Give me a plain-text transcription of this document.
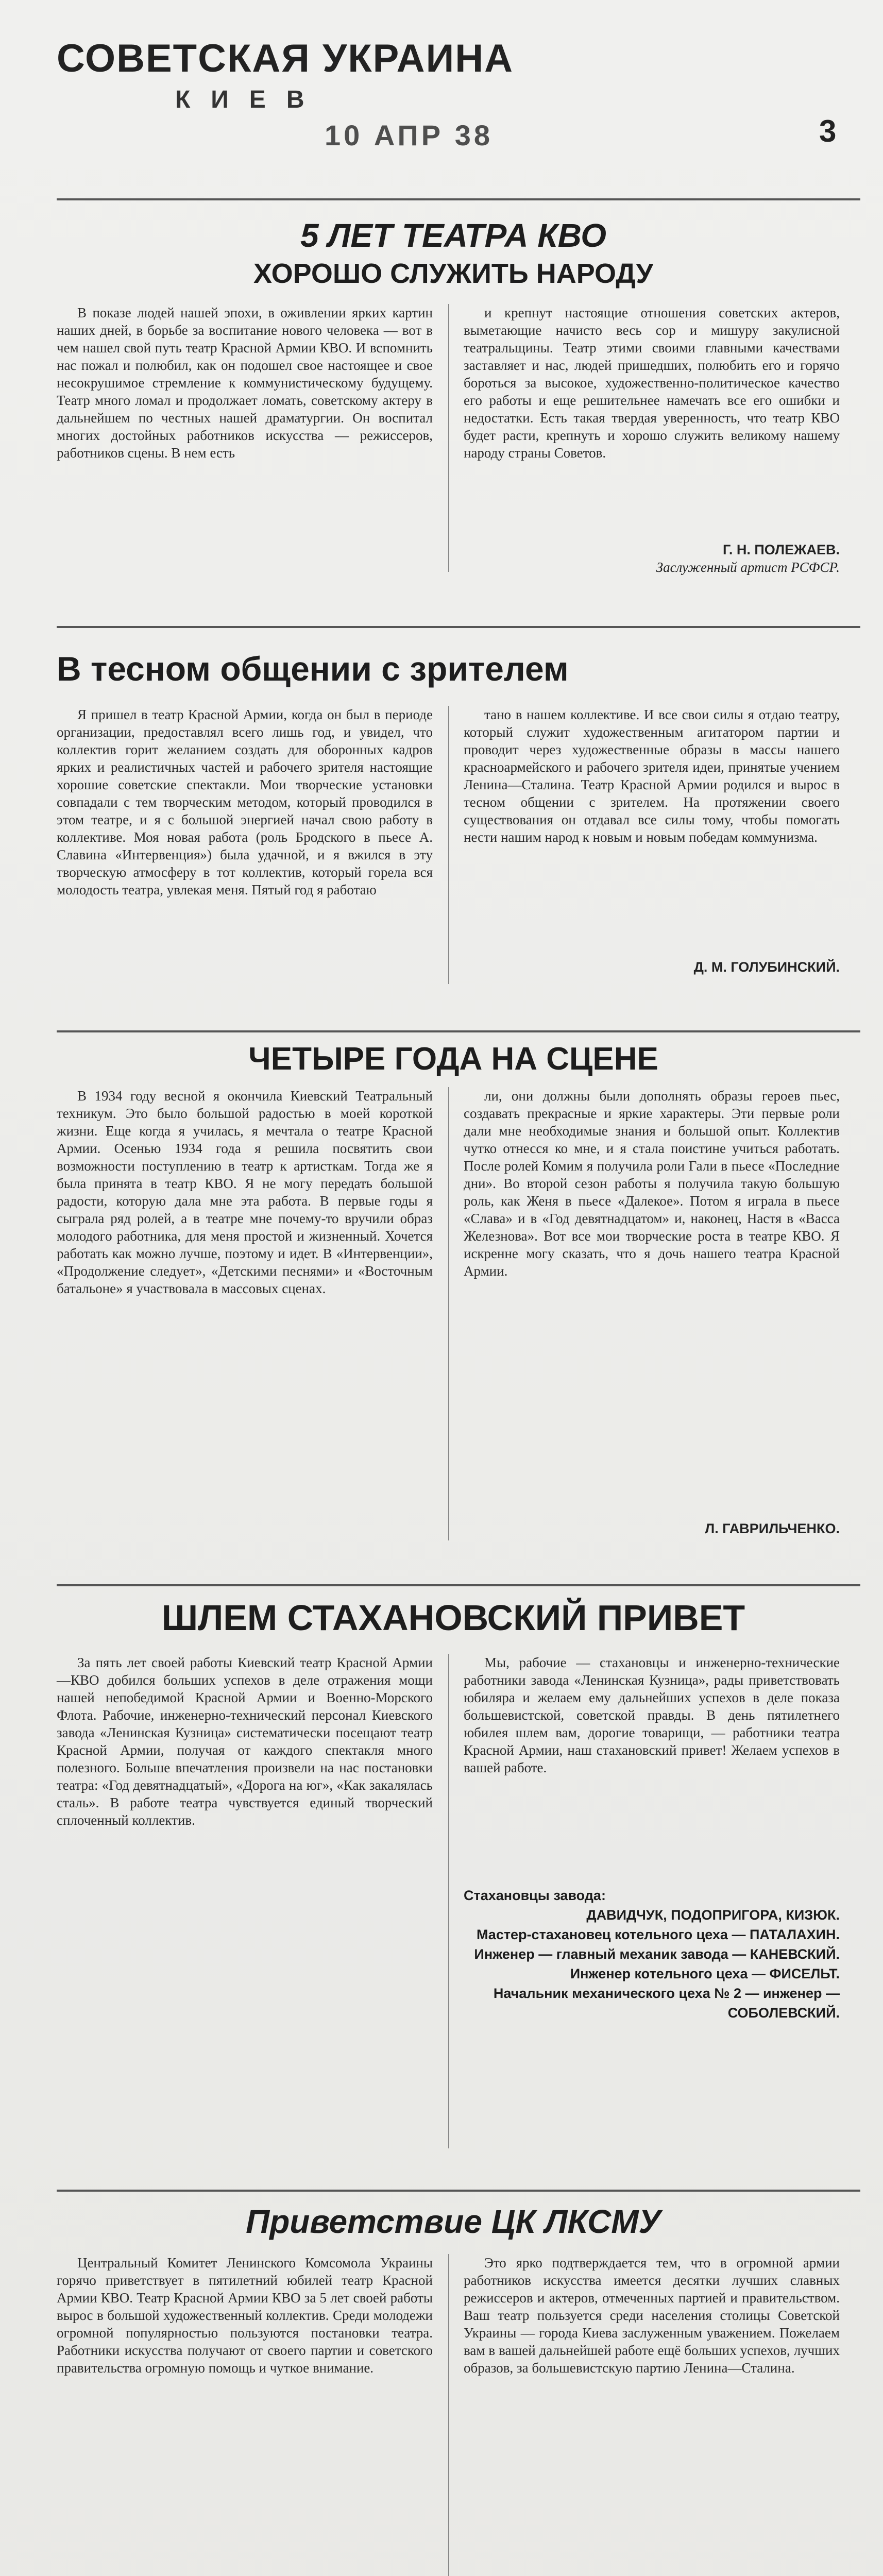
СОВЕТСКАЯ УКРАИНА
КИЕВ
10 АПР 38	3
5 ЛЕТ ТЕАТРА КВО
ХОРОШО СЛУЖИТЬ НАРОДУ

В показе людей нашей эпохи, в оживлении ярких картин наших дней, в борьбе за воспитание нового человека — вот в чем нашел свой путь театр Красной Армии КВО. И вспомнить нас пожал и полюбил, как он подошел свое настоящее и свое несокрушимое стремление к коммунистическому будущему. Театр много ломал и продолжает ломать, советскому актеру в дальнейшем по честных нашей драматургии. Он воспитал многих достойных работников искусства — режиссеров, работников сцены. В нем есть

и крепнут настоящие отношения советских актеров, выметающие начисто весь сор и мишуру закулисной театральщины. Театр этими своими главными качествами заставляет и нас, людей пришедших, полюбить его и горячо бороться за высокое, художественно-политическое качество его работы и еще решительнее намечать все его ошибки и недостатки. Есть такая твердая уверенность, что театр КВО будет расти, крепнуть и хорошо служить великому нашему народу страны Советов.

Г. Н. ПОЛЕЖАЕВ.
Заслуженный артист РСФСР.
В тесном общении с зрителем

Я пришел в театр Красной Армии, когда он был в периоде организации, предоставлял всего лишь год, и увидел, что коллектив горит желанием создать для оборонных кадров ярких и реалистичных частей и рабочего зрителя настоящие хорошие советские спектакли. Мои творческие установки совпадали с тем творческим методом, который проводился в этом театре, и я с большой энергией начал свою работу в коллективе. Моя новая работа (роль Бродского в пьесе А. Славина «Интервенция») была удачной, и я вжился в эту творческую атмосферу в тот коллектив, который горела вся молодость театра, увлекая меня. Пятый год я работаю

тано в нашем коллективе. И все свои силы я отдаю театру, который служит художественным агитатором партии и проводит через художественные образы в массы нашего красноармейского и рабочего зрителя идеи, принятые учением Ленина—Сталина. Театр Красной Армии родился и вырос в тесном общении с зрителем. На протяжении своего существования он отдавал все силы тому, чтобы помогать нести нашим народ к новым и новым победам коммунизма.

Д. М. ГОЛУБИНСКИЙ.
ЧЕТЫРЕ ГОДА НА СЦЕНЕ

В 1934 году весной я окончила Киевский Театральный техникум. Это было большой радостью в моей короткой жизни. Еще когда я училась, я мечтала о театре Красной Армии. Осенью 1934 года я решила посвятить свои возможности поступлению в театр к артисткам. Тогда же я была принята в театр КВО. Я не могу передать большой радости, которую дала мне эта работа. В первые годы я сыграла ряд ролей, а в театре мне почему-то вручили образ молодого работника, для меня простой и жизненный. Хочется работать как можно лучше, поэтому и идет. В «Интервенции», «Продолжение следует», «Детскими песнями» и «Восточным батальоне» я участвовала в массовых сценах.

ли, они должны были дополнять образы героев пьес, создавать прекрасные и яркие характеры. Эти первые роли дали мне необходимые знания и большой опыт. Коллектив чутко отнесся ко мне, и я стала поистине учиться работать. После ролей Комим я получила роли Гали в пьесе «Последние дни». Во второй сезон работы я получила такую большую роль, как Женя в пьесе «Далекое». Потом я играла в пьесе «Слава» и в «Год девятнадцатом» и, наконец, Настя в «Васса Железнова». Вот все мои творческие роста в театре КВО. Я искренне могу сказать, что я дочь нашего театра Красной Армии.

Л. ГАВРИЛЬЧЕНКО.
ШЛЕМ СТАХАНОВСКИЙ ПРИВЕТ

За пять лет своей работы Киевский театр Красной Армии—КВО добился больших успехов в деле отражения мощи нашей непобедимой Красной Армии и Военно-Морского Флота. Рабочие, инженерно-технический персонал Киевского завода «Ленинская Кузница» систематически посещают театр Красной Армии, получая от каждого спектакля много полезного. Больше впечатления произвели на нас постановки театра: «Год девятнадцатый», «Дорога на юг», «Как закалялась сталь». В работе театра чувствуется единый творческий сплоченный коллектив.

Мы, рабочие — стахановцы и инженерно-технические работники завода «Ленинская Кузница», рады приветствовать юбиляра и желаем ему дальнейших успехов в деле показа большевистской, советской правды. В день пятилетнего юбилея шлем вам, дорогие товарищи, — работники театра Красной Армии, наш стахановский привет! Желаем успехов в вашей работе.

Стахановцы завода:
ДАВИДЧУК, ПОДОПРИГОРА, КИЗЮК.
Мастер-стахановец котельного цеха — ПАТАЛАХИН.
Инженер — главный механик завода — КАНЕВСКИЙ.
Инженер котельного цеха — ФИСЕЛЬТ.
Начальник механического цеха № 2 — инженер — СОБОЛЕВСКИЙ.
Приветствие ЦК ЛКСМУ

Центральный Комитет Ленинского Комсомола Украины горячо приветствует в пятилетний юбилей театр Красной Армии КВО. Театр Красной Армии КВО за 5 лет своей работы вырос в большой художественный коллектив. Среди молодежи огромной популярностью пользуются постановки театра. Работники искусства получают от своего партии и советского правительства огромную помощь и чуткое внимание.

Это ярко подтверждается тем, что в огромной армии работников искусства имеется десятки лучших славных режиссеров и актеров, отмеченных партией и правительством. Ваш театр пользуется среди населения столицы Советской Украины — города Киева заслуженным уважением. Пожелаем вам в вашей дальнейшей работе ещё больших успехов, лучших образов, за большевистскую партию Ленина—Сталина.
